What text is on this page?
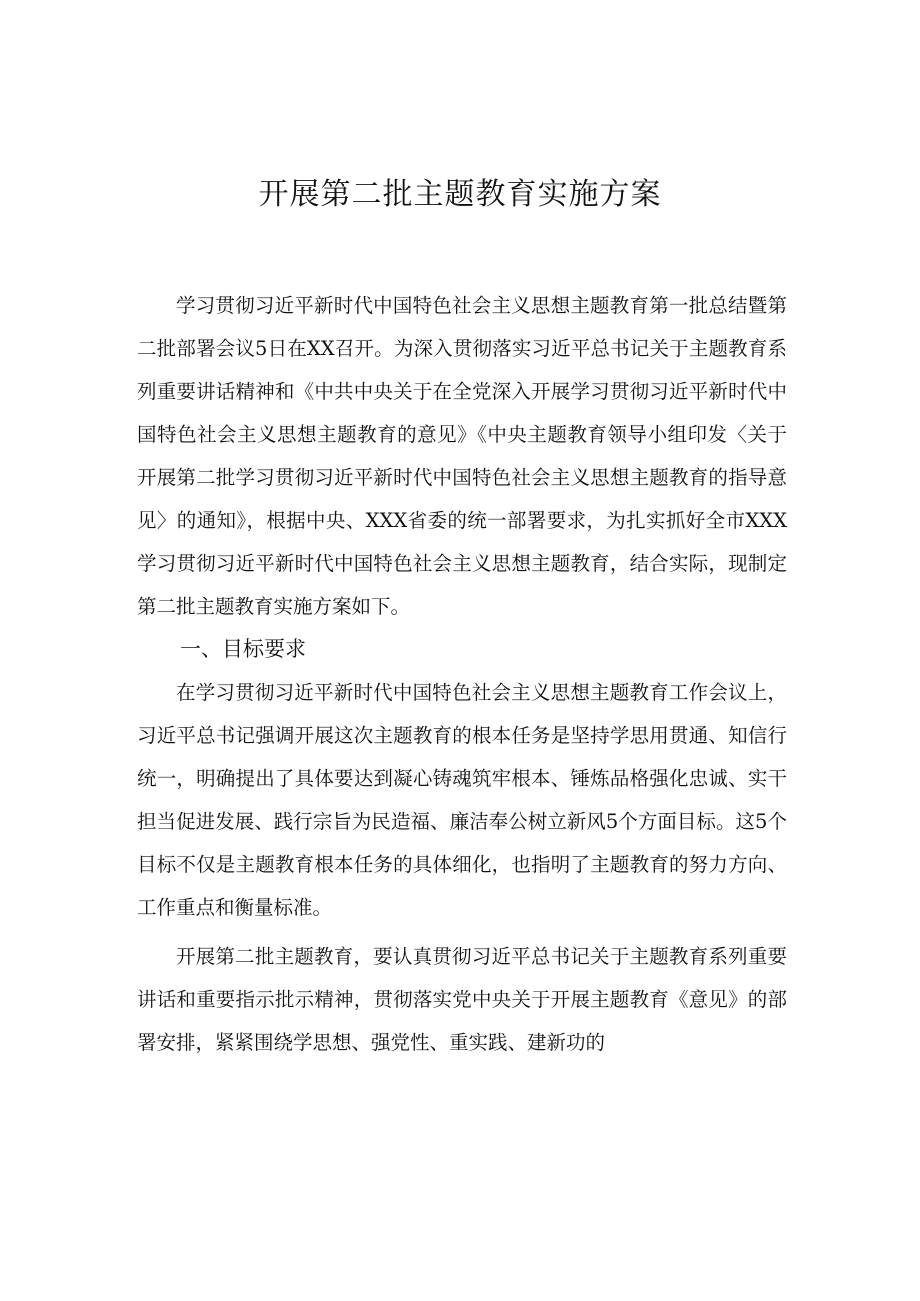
开展第二批主题教育实施方案

学习贯彻习近平新时代中国特色社会主义思想主题教育第一批总结暨第二批部署会议5日在XX召开。为深入贯彻落实习近平总书记关于主题教育系列重要讲话精神和《中共中央关于在全党深入开展学习贯彻习近平新时代中国特色社会主义思想主题教育的意见》《中央主题教育领导小组印发〈关于开展第二批学习贯彻习近平新时代中国特色社会主义思想主题教育的指导意见〉的通知》，根据中央、XXX省委的统一部署要求，为扎实抓好全市XXX学习贯彻习近平新时代中国特色社会主义思想主题教育，结合实际，现制定第二批主题教育实施方案如下。

一、目标要求

在学习贯彻习近平新时代中国特色社会主义思想主题教育工作会议上，习近平总书记强调开展这次主题教育的根本任务是坚持学思用贯通、知信行统一，明确提出了具体要达到凝心铸魂筑牢根本、锤炼品格强化忠诚、实干担当促进发展、践行宗旨为民造福、廉洁奉公树立新风5个方面目标。这5个目标不仅是主题教育根本任务的具体细化，也指明了主题教育的努力方向、工作重点和衡量标准。

开展第二批主题教育，要认真贯彻习近平总书记关于主题教育系列重要讲话和重要指示批示精神，贯彻落实党中央关于开展主题教育《意见》的部署安排，紧紧围绕学思想、强党性、重实践、建新功的
